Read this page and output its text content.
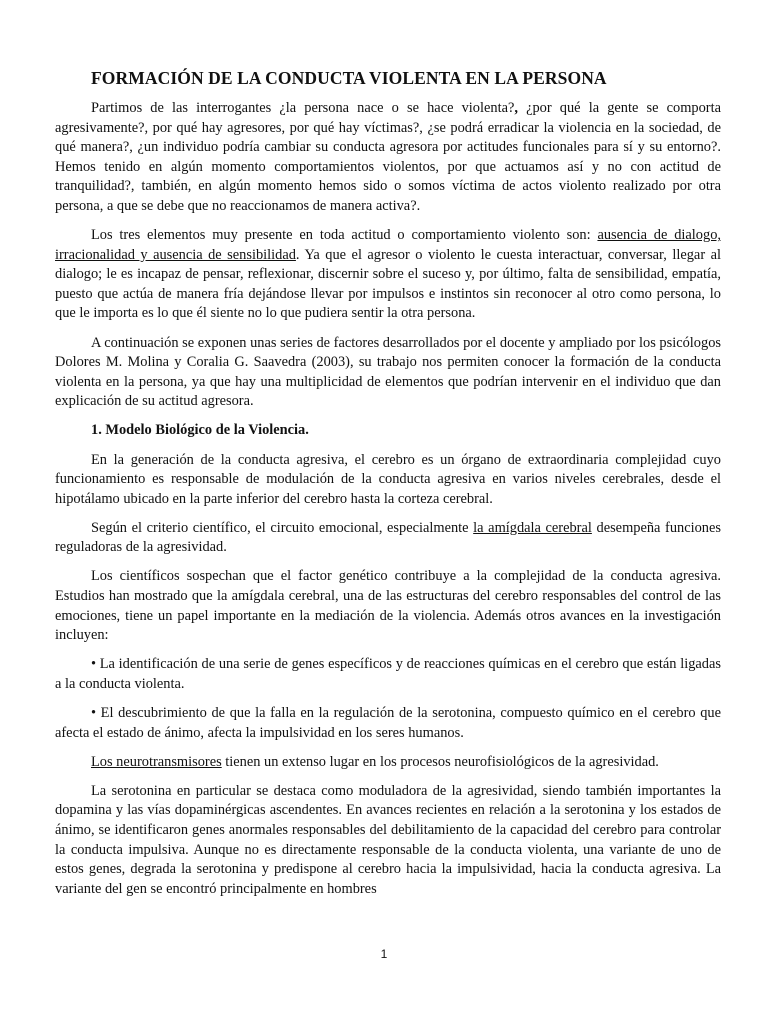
FORMACIÓN DE LA CONDUCTA VIOLENTA EN LA PERSONA

Partimos de las interrogantes ¿la persona nace o se hace violenta?, ¿por qué la gente se comporta agresivamente?, por qué hay agresores, por qué hay víctimas?, ¿se podrá erradicar la violencia en la sociedad, de qué manera?, ¿un individuo podría cambiar su conducta agresora por actitudes funcionales para sí y su entorno?. Hemos tenido en algún momento comportamientos violentos, por que actuamos así y no con actitud de tranquilidad?, también, en algún momento hemos sido o somos víctima de actos violento realizado por otra persona, a que se debe que no reaccionamos de manera activa?.

Los tres elementos muy presente en toda actitud o comportamiento violento son: ausencia de dialogo, irracionalidad y ausencia de sensibilidad. Ya que el agresor o violento le cuesta interactuar, conversar, llegar al dialogo; le es incapaz de pensar, reflexionar, discernir sobre el suceso y, por último, falta de sensibilidad, empatía, puesto que actúa de manera fría dejándose llevar por impulsos e instintos sin reconocer al otro como persona, lo que le importa es lo que él siente no lo que pudiera sentir la otra persona.

A continuación se exponen unas series de factores desarrollados por el docente y ampliado por los psicólogos Dolores M. Molina y Coralia G. Saavedra (2003), su trabajo nos permiten conocer la formación de la conducta violenta en la persona, ya que hay una multiplicidad de elementos que podrían intervenir en el individuo que dan explicación de su actitud agresora.

1. Modelo Biológico de la Violencia.

En la generación de la conducta agresiva, el cerebro es un órgano de extraordinaria complejidad cuyo funcionamiento es responsable de modulación de la conducta agresiva en varios niveles cerebrales, desde el hipotálamo ubicado en la parte inferior del cerebro hasta la corteza cerebral.

Según el criterio científico, el circuito emocional, especialmente la amígdala cerebral desempeña funciones reguladoras de la agresividad.

Los científicos sospechan que el factor genético contribuye a la complejidad de la conducta agresiva. Estudios han mostrado que la amígdala cerebral, una de las estructuras del cerebro responsables del control de las emociones, tiene un papel importante en la mediación de la violencia. Además otros avances en la investigación incluyen:

• La identificación de una serie de genes específicos y de reacciones químicas en el cerebro que están ligadas a la conducta violenta.

• El descubrimiento de que la falla en la regulación de la serotonina, compuesto químico en el cerebro que afecta el estado de ánimo, afecta la impulsividad en los seres humanos.

Los neurotransmisores tienen un extenso lugar en los procesos neurofisiológicos de la agresividad.

La serotonina en particular se destaca como moduladora de la agresividad, siendo también importantes la dopamina y las vías dopaminérgicas ascendentes. En avances recientes en relación a la serotonina y los estados de ánimo, se identificaron genes anormales responsables del debilitamiento de la capacidad del cerebro para controlar la conducta impulsiva. Aunque no es directamente responsable de la conducta violenta, una variante de uno de estos genes, degrada la serotonina y predispone al cerebro hacia la impulsividad, hacia la conducta agresiva. La variante del gen se encontró principalmente en hombres

1
